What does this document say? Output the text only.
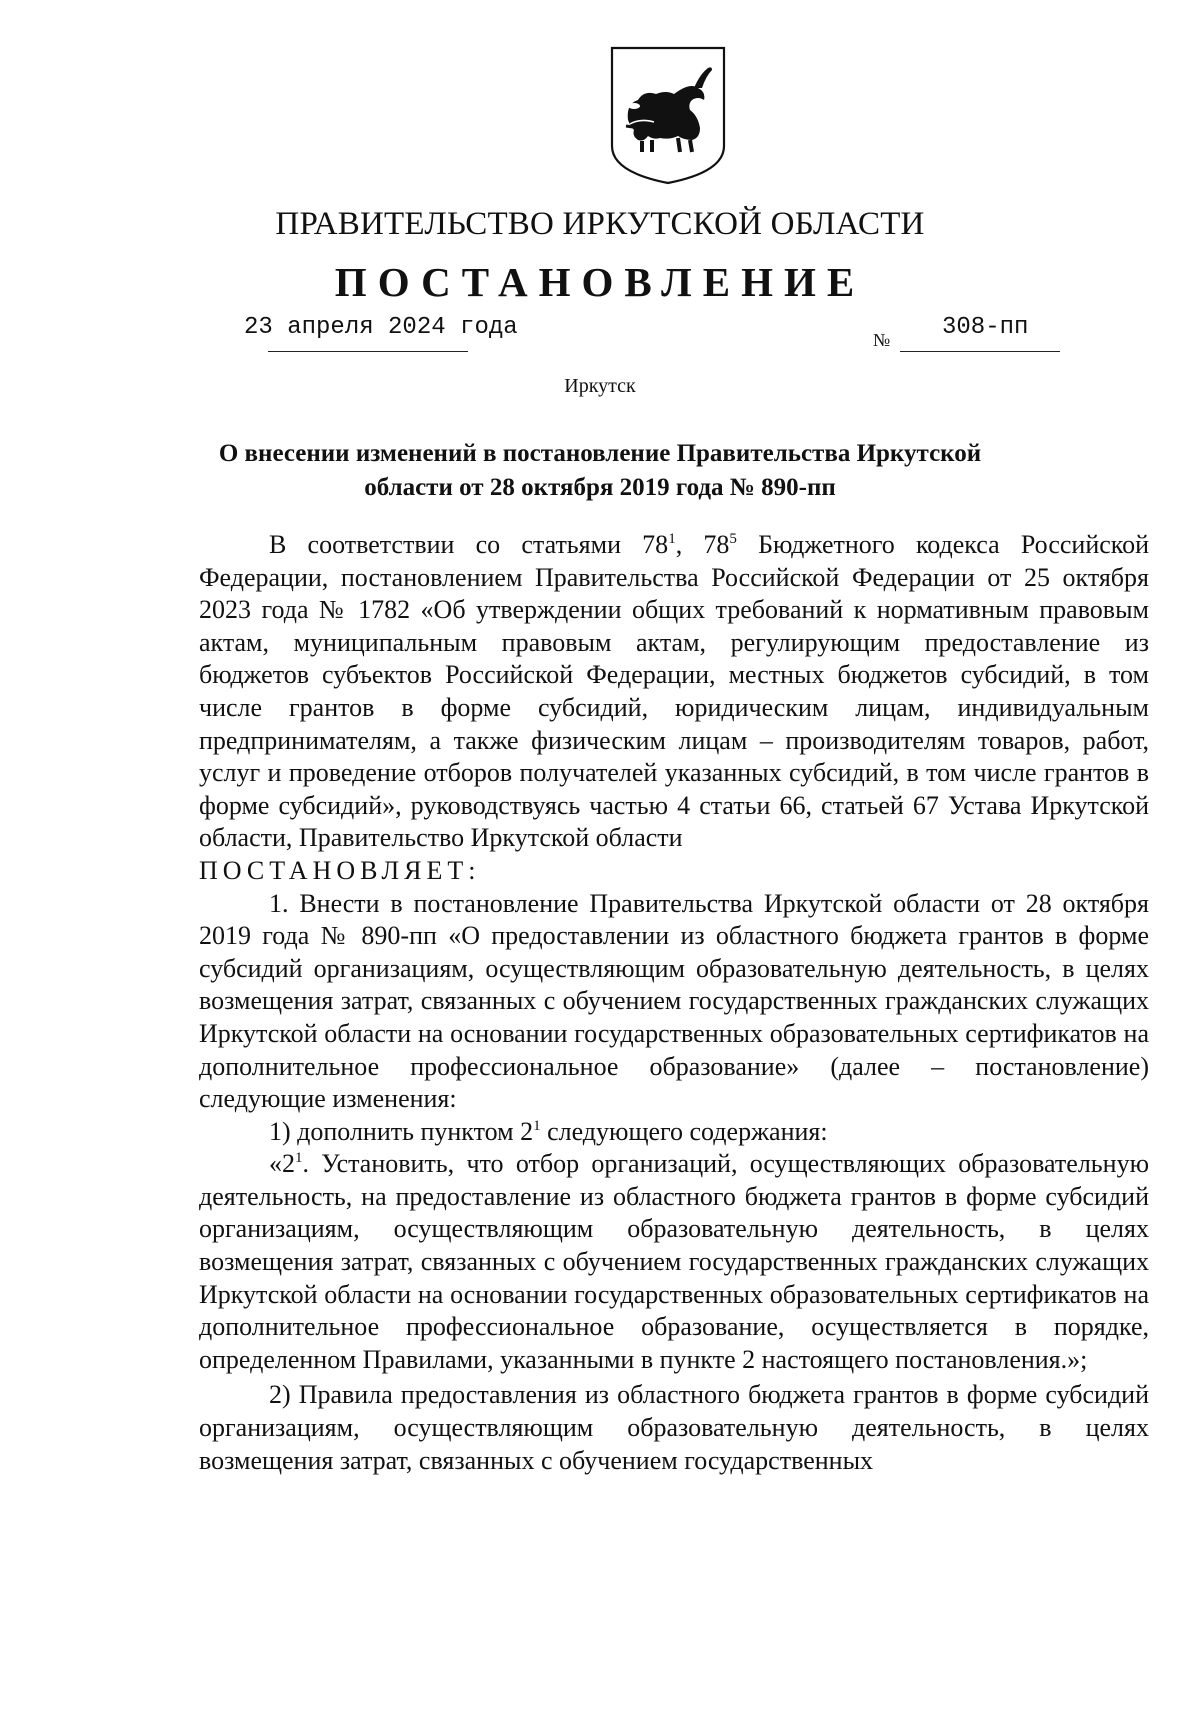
ПРАВИТЕЛЬСТВО ИРКУТСКОЙ ОБЛАСТИ
ПОСТАНОВЛЕНИЕ
23 апреля 2024 года	№ 308-пп
Иркутск
О внесении изменений в постановление Правительства Иркутской
области от 28 октября 2019 года № 890-пп

В соответствии со статьями $78^1$, $78^5$ Бюджетного кодекса Российской Федерации, постановлением Правительства Российской Федерации от 25 октября 2023 года № 1782 «Об утверждении общих требований к нормативным правовым актам, муниципальным правовым актам, регулирующим предоставление из бюджетов субъектов Российской Федерации, местных бюджетов субсидий, в том числе грантов в форме субсидий, юридическим лицам, индивидуальным предпринимателям, а также физическим лицам – производителям товаров, работ, услуг и проведение отборов получателей указанных субсидий, в том числе грантов в форме субсидий», руководствуясь частью 4 статьи 66, статьей 67 Устава Иркутской области, Правительство Иркутской области

ПОСТАНОВЛЯЕТ:

1. Внести в постановление Правительства Иркутской области от 28 октября 2019 года № 890-пп «О предоставлении из областного бюджета грантов в форме субсидий организациям, осуществляющим образовательную деятельность, в целях возмещения затрат, связанных с обучением государственных гражданских служащих Иркутской области на основании государственных образовательных сертификатов на дополнительное профессиональное образование» (далее – постановление) следующие изменения:

1) дополнить пунктом $2^1$ следующего содержания:

«$2^1$. Установить, что отбор организаций, осуществляющих образовательную деятельность, на предоставление из областного бюджета грантов в форме субсидий организациям, осуществляющим образовательную деятельность, в целях возмещения затрат, связанных с обучением государственных гражданских служащих Иркутской области на основании государственных образовательных сертификатов на дополнительное профессиональное образование, осуществляется в порядке, определенном Правилами, указанными в пункте 2 настоящего постановления.»;

2) Правила предоставления из областного бюджета грантов в форме субсидий организациям, осуществляющим образовательную деятельность, в целях возмещения затрат, связанных с обучением государственных
